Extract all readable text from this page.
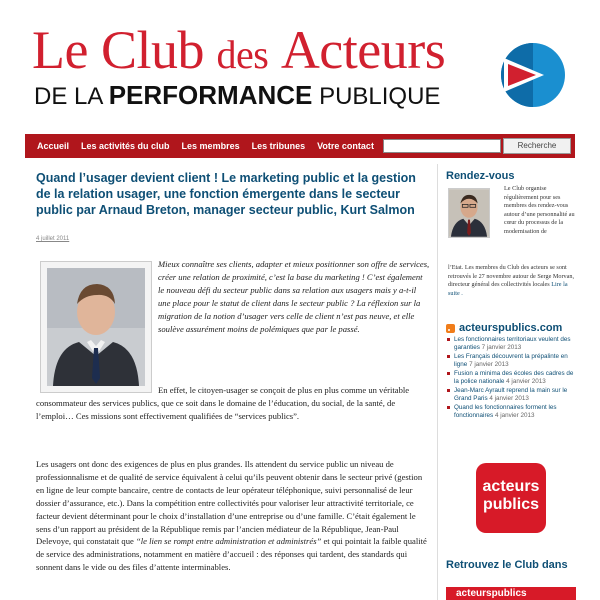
Le Club des Acteurs
DE LA PERFORMANCE PUBLIQUE
Accueil	Les activités du club	Les membres	Les tribunes	Votre contact	Recherche
Quand l’usager devient client ! Le marketing public et la gestion de la relation usager, une fonction émergente dans le secteur public par Arnaud Breton, manager secteur public, Kurt Salmon
4 juillet 2011

Mieux connaître ses clients, adapter et mieux positionner son offre de services, créer une relation de proximité, c’est la base du marketing ! C’est également le nouveau défi du secteur public dans sa relation aux usagers mais y a-t-il une place pour le statut de client dans le secteur public ? La réflexion sur la migration de la notion d’usager vers celle de client n’est pas neuve, et elle soulève assurément moins de polémiques que par le passé.

En effet, le citoyen-usager se conçoit de plus en plus comme un véritable consommateur des services publics, que ce soit dans le domaine de l’éducation, du social, de la santé, de l’emploi… Ces missions sont effectivement qualifiées de “services publics”.

Les usagers ont donc des exigences de plus en plus grandes. Ils attendent du service public un niveau de professionnalisme et de qualité de service équivalent à celui qu’ils peuvent obtenir dans le secteur privé (gestion en ligne de leur compte bancaire, centre de contacts de leur opérateur téléphonique, suivi personnalisé de leur dossier d’assurance, etc.). Dans la compétition entre collectivités pour valoriser leur attractivité territoriale, ce facteur devient déterminant pour le choix d’installation d’une entreprise ou d’une famille. C’était également le sens d’un rapport au président de la République remis par l’ancien médiateur de la République, Jean-Paul Delevoye, qui constatait que “le lien se rompt entre administration et administrés” et qui pointait la faible qualité de service des administrations, notamment en matière d’accueil : des réponses qui tardent, des standards qui sonnent dans le vide ou des files d’attente interminables.

Rendez-vous
Le Club organise régulièrement pour ses membres des rendez-vous autour d’une personnalité au cœur du processus de la modernisation de
l’Etat. Les membres du Club des acteurs se sont retrouvés le 27 novembre autour de Serge Morvan, directeur général des collectivités locales Lire la suite .
acteurspublics.com
Les fonctionnaires territoriaux veulent des garanties 7 janvier 2013
Les Français découvrent la prépalinte en ligne 7 janvier 2013
Fusion a minima des écoles des cadres de la police nationale 4 janvier 2013
Jean-Marc Ayrault reprend la main sur le Grand Paris 4 janvier 2013
Quand les fonctionnaires forment les fonctionnaires 4 janvier 2013
acteurs
publics
Retrouvez le Club dans
acteurspublics
